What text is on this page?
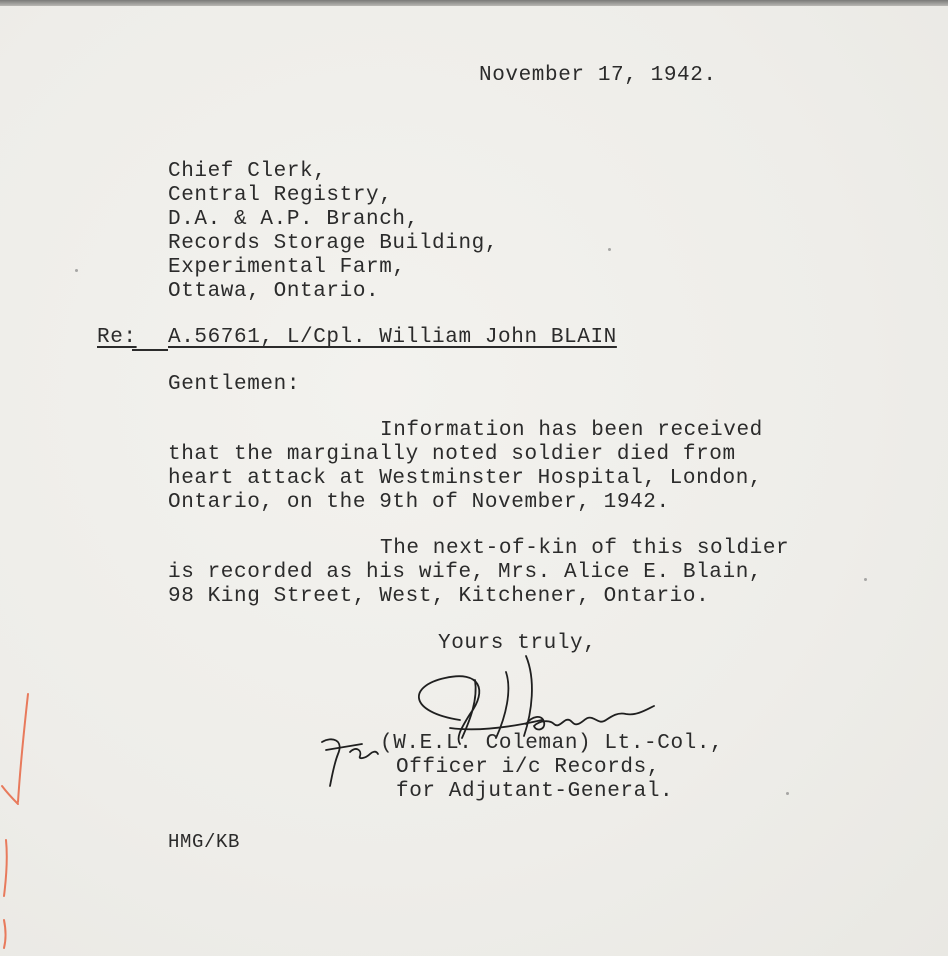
November 17, 1942.
Chief Clerk,
Central Registry,
D.A. & A.P. Branch,
Records Storage Building,
Experimental Farm,
Ottawa, Ontario.
Re: A.56761, L/Cpl. William John BLAIN
Gentlemen:
Information has been received
that the marginally noted soldier died from
heart attack at Westminster Hospital, London,
Ontario, on the 9th of November, 1942.
The next-of-kin of this soldier
is recorded as his wife, Mrs. Alice E. Blain,
98 King Street, West, Kitchener, Ontario.
Yours truly,
(W.E.L. Coleman) Lt.-Col.,
Officer i/c Records,
for Adjutant-General.
HMG/KB
